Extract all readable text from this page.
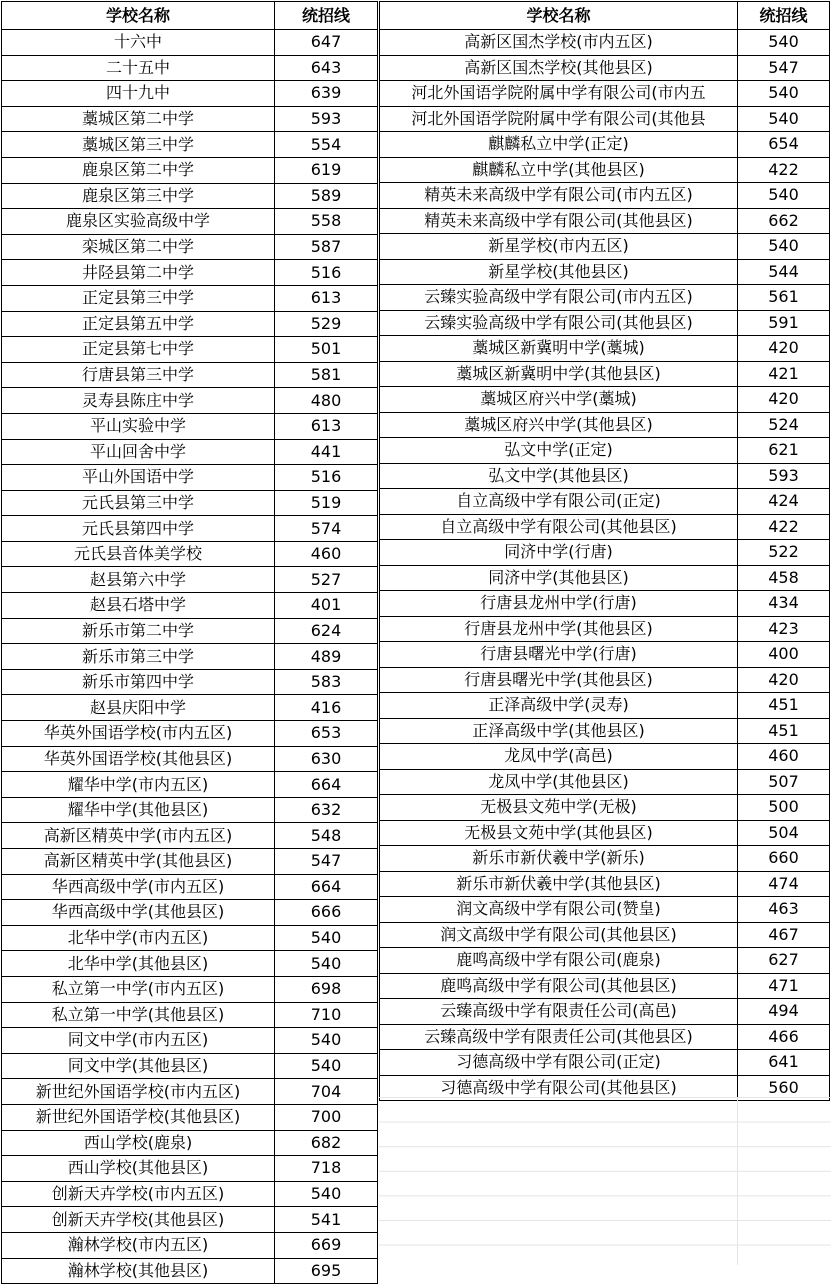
学校名称	统招线
十六中	647
二十五中	643
四十九中	639
藁城区第二中学	593
藁城区第三中学	554
鹿泉区第二中学	619
鹿泉区第三中学	589
鹿泉区实验高级中学	558
栾城区第二中学	587
井陉县第二中学	516
正定县第三中学	613
正定县第五中学	529
正定县第七中学	501
行唐县第三中学	581
灵寿县陈庄中学	480
平山实验中学	613
平山回舍中学	441
平山外国语中学	516
元氏县第三中学	519
元氏县第四中学	574
元氏县音体美学校	460
赵县第六中学	527
赵县石塔中学	401
新乐市第二中学	624
新乐市第三中学	489
新乐市第四中学	583
赵县庆阳中学	416
华英外国语学校(市内五区)	653
华英外国语学校(其他县区)	630
耀华中学(市内五区)	664
耀华中学(其他县区)	632
高新区精英中学(市内五区)	548
高新区精英中学(其他县区)	547
华西高级中学(市内五区)	664
华西高级中学(其他县区)	666
北华中学(市内五区)	540
北华中学(其他县区)	540
私立第一中学(市内五区)	698
私立第一中学(其他县区)	710
同文中学(市内五区)	540
同文中学(其他县区)	540
新世纪外国语学校(市内五区)	704
新世纪外国语学校(其他县区)	700
西山学校(鹿泉)	682
西山学校(其他县区)	718
创新天卉学校(市内五区)	540
创新天卉学校(其他县区)	541
瀚林学校(市内五区)	669
瀚林学校(其他县区)	695
学校名称	统招线
高新区国杰学校(市内五区)	540
高新区国杰学校(其他县区)	547
河北外国语学院附属中学有限公司(市内五	540
河北外国语学院附属中学有限公司(其他县	540
麒麟私立中学(正定)	654
麒麟私立中学(其他县区)	422
精英未来高级中学有限公司(市内五区)	540
精英未来高级中学有限公司(其他县区)	662
新星学校(市内五区)	540
新星学校(其他县区)	544
云臻实验高级中学有限公司(市内五区)	561
云臻实验高级中学有限公司(其他县区)	591
藁城区新冀明中学(藁城)	420
藁城区新冀明中学(其他县区)	421
藁城区府兴中学(藁城)	420
藁城区府兴中学(其他县区)	524
弘文中学(正定)	621
弘文中学(其他县区)	593
自立高级中学有限公司(正定)	424
自立高级中学有限公司(其他县区)	422
同济中学(行唐)	522
同济中学(其他县区)	458
行唐县龙州中学(行唐)	434
行唐县龙州中学(其他县区)	423
行唐县曙光中学(行唐)	400
行唐县曙光中学(其他县区)	420
正泽高级中学(灵寿)	451
正泽高级中学(其他县区)	451
龙凤中学(高邑)	460
龙凤中学(其他县区)	507
无极县文苑中学(无极)	500
无极县文苑中学(其他县区)	504
新乐市新伏羲中学(新乐)	660
新乐市新伏羲中学(其他县区)	474
润文高级中学有限公司(赞皇)	463
润文高级中学有限公司(其他县区)	467
鹿鸣高级中学有限公司(鹿泉)	627
鹿鸣高级中学有限公司(其他县区)	471
云臻高级中学有限责任公司(高邑)	494
云臻高级中学有限责任公司(其他县区)	466
习德高级中学有限公司(正定)	641
习德高级中学有限公司(其他县区)	560
